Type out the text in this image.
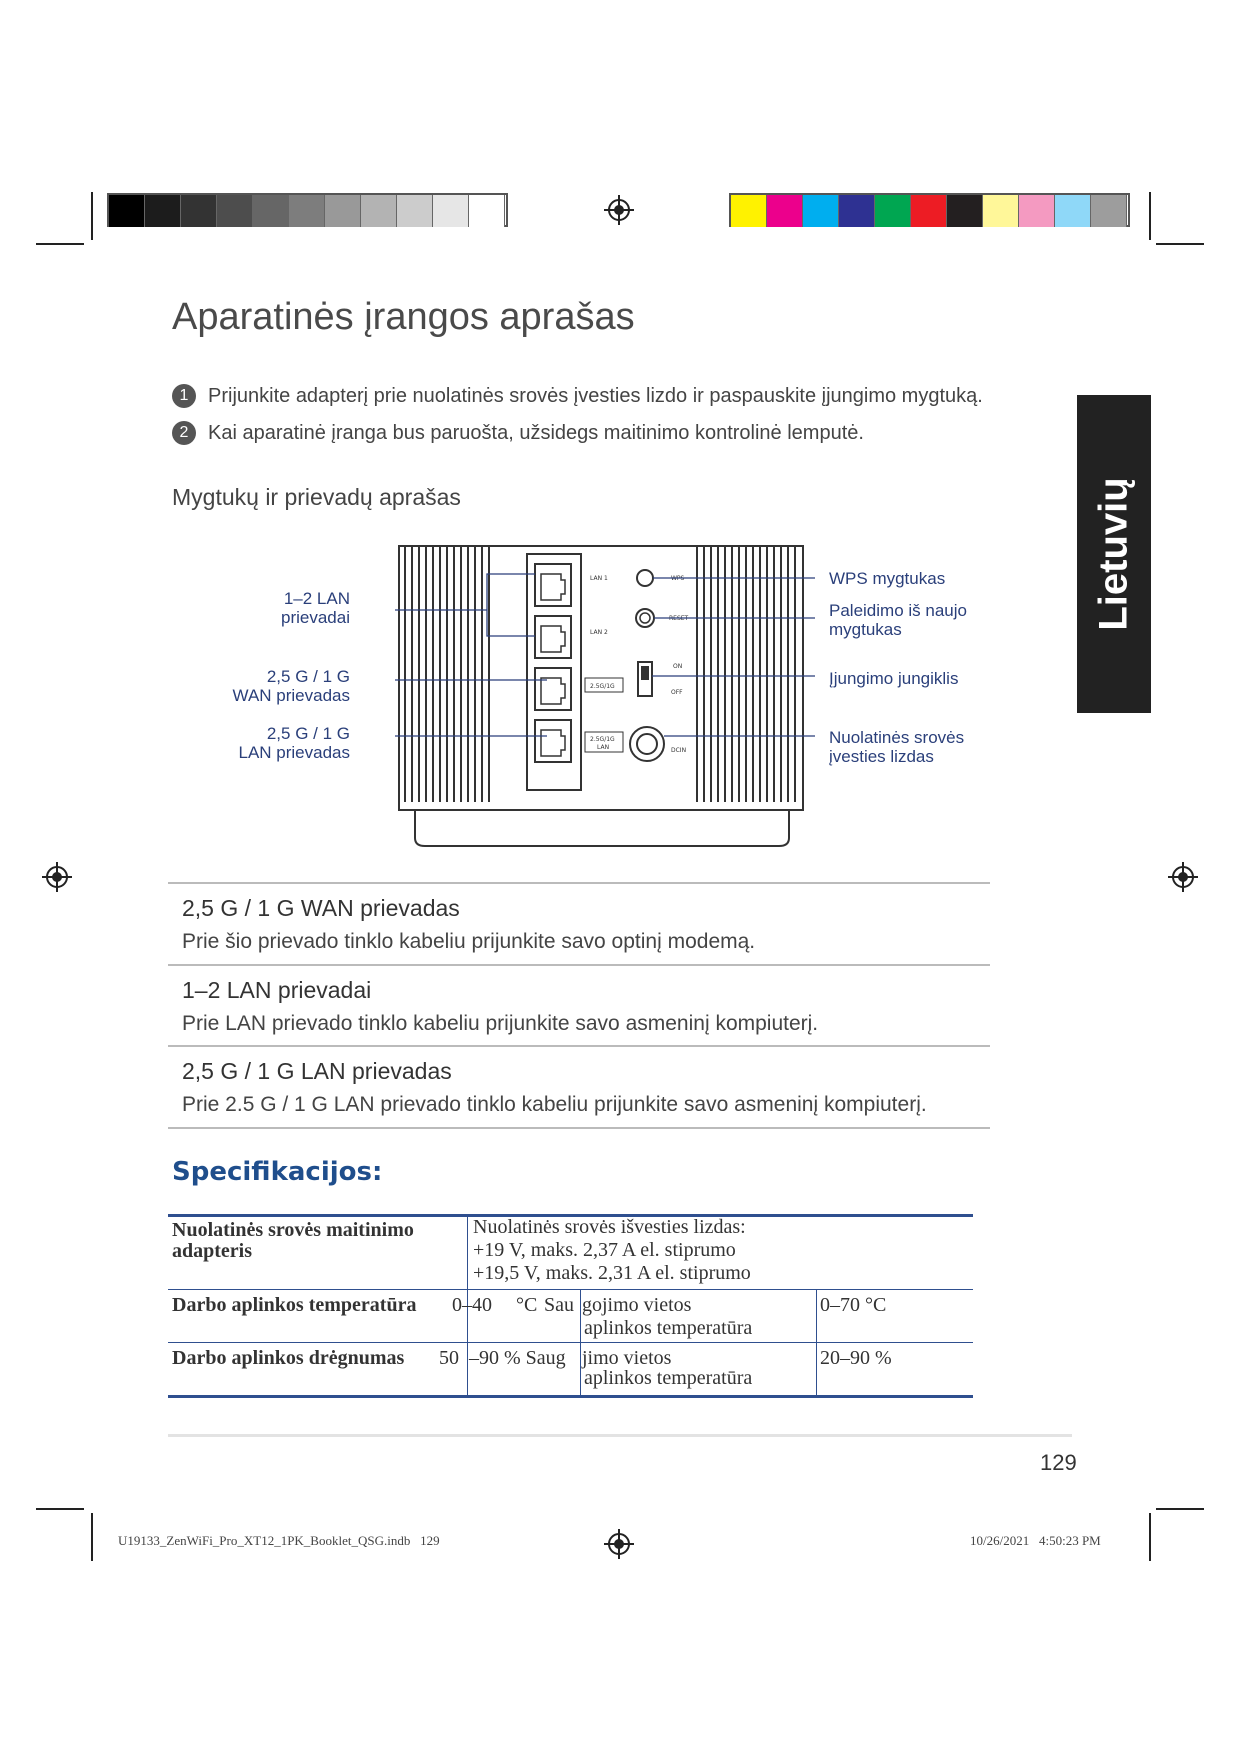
Aparatinės įrangos aprašas
1 Prijunkite adapterį prie nuolatinės srovės įvesties lizdo ir paspauskite įjungimo mygtuką.
2 Kai aparatinė įranga bus paruošta, užsidegs maitinimo kontrolinė lemputė.
Mygtukų ir prievadų aprašas	Lietuvių
LAN 1
LAN 2
WPS
RESET
ON
OFF
DCIN
2.5G/1G
2.5G/1G
LAN
1–2 LAN
prievadai
2,5 G / 1 G
WAN prievadas
2,5 G / 1 G
LAN prievadas
WPS mygtukas
Paleidimo iš naujo
mygtukas
Įjungimo jungiklis
Nuolatinės srovės
įvesties lizdas
2,5 G / 1 G WAN prievadas
Prie šio prievado tinklo kabeliu prijunkite savo optinį modemą.
1–2 LAN prievadai
Prie LAN prievado tinklo kabeliu prijunkite savo asmeninį kompiuterį.
2,5 G / 1 G LAN prievadas
Prie 2.5 G / 1 G LAN prievado tinklo kabeliu prijunkite savo asmeninį kompiuterį.
Specifikacijos:
Nuolatinės srovės maitinimo adapteris
Nuolatinės srovės išvesties lizdas:
+19 V, maks. 2,37 A el. stiprumo
+19,5 V, maks. 2,31 A el. stiprumo
Darbo aplinkos temperatūra 0–40 °C Sau gojimo vietos
aplinkos temperatūra
0–70 °C
Darbo aplinkos drėgnumas 50 –90 % Saug jimo vietos
aplinkos temperatūra
20–90 %
129
U19133_ZenWiFi_Pro_XT12_1PK_Booklet_QSG.indb   129	10/26/2021   4:50:23 PM
